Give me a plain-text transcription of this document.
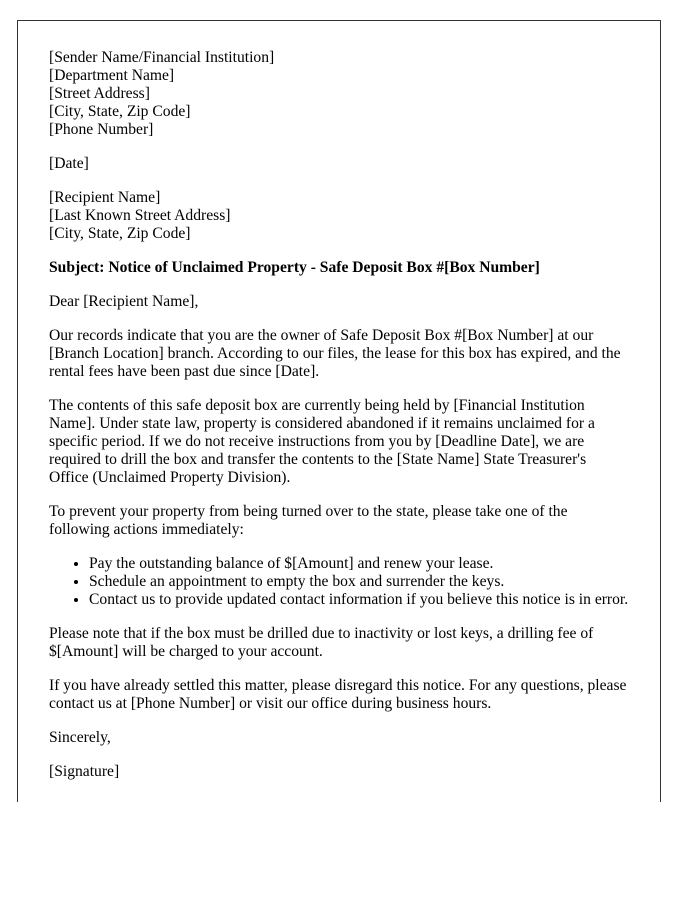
[Sender Name/Financial Institution]
[Department Name]
[Street Address]
[City, State, Zip Code]
[Phone Number]
[Date]
[Recipient Name]
[Last Known Street Address]
[City, State, Zip Code]

Subject: Notice of Unclaimed Property - Safe Deposit Box #[Box Number]

Dear [Recipient Name],

Our records indicate that you are the owner of Safe Deposit Box #[Box Number] at our [Branch Location] branch. According to our files, the lease for this box has expired, and the rental fees have been past due since [Date].

The contents of this safe deposit box are currently being held by [Financial Institution Name]. Under state law, property is considered abandoned if it remains unclaimed for a specific period. If we do not receive instructions from you by [Deadline Date], we are required to drill the box and transfer the contents to the [State Name] State Treasurer's Office (Unclaimed Property Division).

To prevent your property from being turned over to the state, please take one of the following actions immediately:

• Pay the outstanding balance of $[Amount] and renew your lease.
• Schedule an appointment to empty the box and surrender the keys.
• Contact us to provide updated contact information if you believe this notice is in error.

Please note that if the box must be drilled due to inactivity or lost keys, a drilling fee of $[Amount] will be charged to your account.

If you have already settled this matter, please disregard this notice. For any questions, please contact us at [Phone Number] or visit our office during business hours.

Sincerely,

[Signature]
